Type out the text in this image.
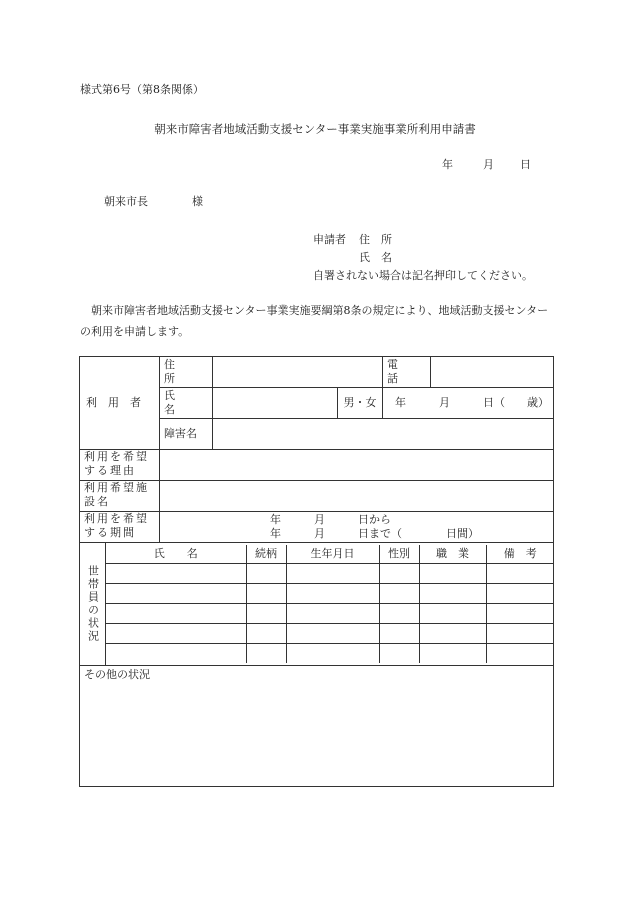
様式第6号（第8条関係）
朝来市障害者地域活動支援センター事業実施事業所利用申請書
年	月 日
朝来市長	様
申請者 住　所
氏　名
自署されない場合は記名押印してください。
朝来市障害者地域活動支援センター事業実施要綱第8条の規定により、地域活動支援センターの利用を申請します。
利　用　者
	住　所		電　話	
氏　名		男・女	年　　　月　　　日（　　歳）
障害名	
利用を希望する理由	
利用希望施設名	
利用を希望する期間	
年　　　月　　　日から
年　　　月　　　日まで（　　　　日間）

世帯員の状況

氏　　名	続柄	生年月日	性別	職　業	備　考

その他の状況
